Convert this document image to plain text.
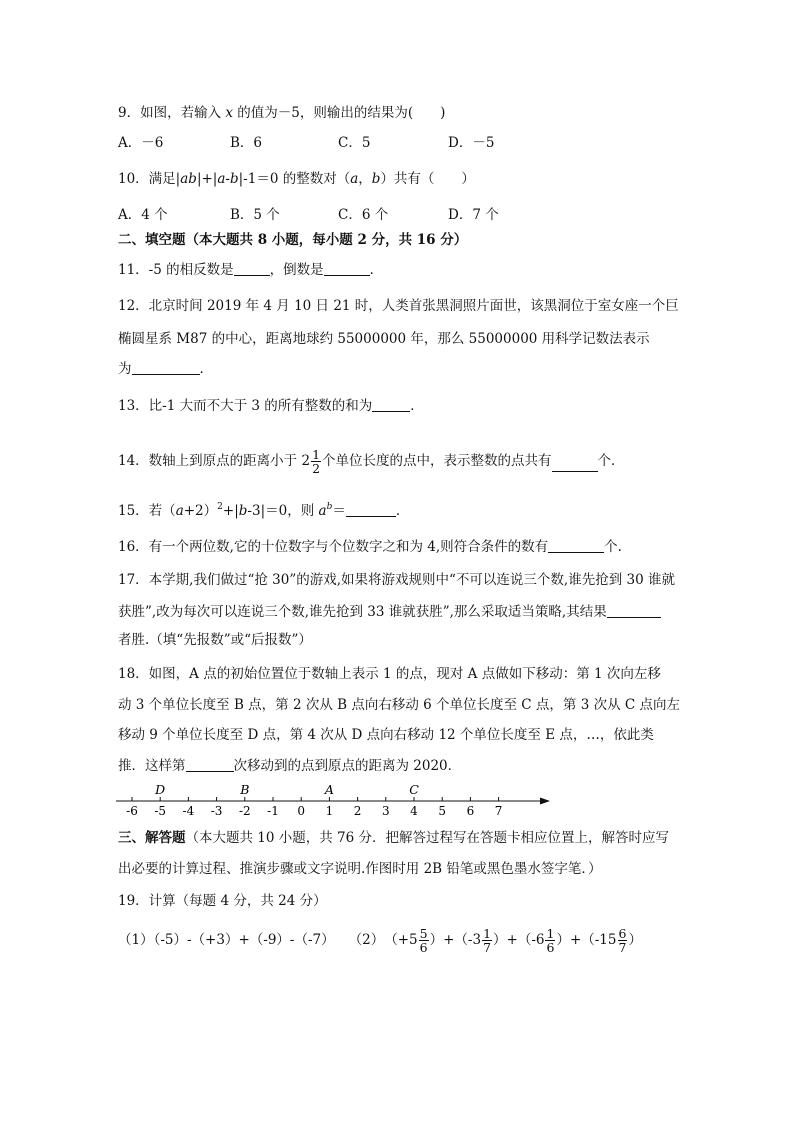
9．如图，若输入 x 的值为－5，则输出的结果为(　　)
A．－6	B．6	C．5	D．－5
10．满足|ab|+|a-b|-1＝0 的整数对（a，b）共有（　　）
A．4 个	B．5 个	C．6 个	D．7 个
二、填空题（本大题共 8 小题，每小题 2 分，共 16 分）
11．-5 的相反数是	，倒数是	．
12．北京时间 2019 年 4 月 10 日 21 时，人类首张黑洞照片面世，该黑洞位于室女座一个巨
椭圆星系 M87 的中心，距离地球约 55000000 年，那么 55000000 用科学记数法表示
为	．
13．比-1 大而不大于 3 的所有整数的和为	．
14．数轴上到原点的距离小于 $2 \frac{1}{2}$ 个单位长度的点中，表示整数的点共有	个．
15．若$(a+2)^2+|b-3|=0$，则 $a^b=$	．
16．有一个两位数,它的十位数字与个位数字之和为 4,则符合条件的数有	个.
17．本学期,我们做过“抢 30”的游戏,如果将游戏规则中“不可以连说三个数,谁先抢到 30 谁就
获胜”,改为每次可以连说三个数,谁先抢到 33 谁就获胜”,那么采取适当策略,其结果
者胜.（填“先报数”或“后报数”）
18．如图，A 点的初始位置位于数轴上表示 1 的点，现对 A 点做如下移动：第 1 次向左移
动 3 个单位长度至 B 点，第 2 次从 B 点向右移动 6 个单位长度至 C 点，第 3 次从 C 点向左
移动 9 个单位长度至 D 点，第 4 次从 D 点向右移动 12 个单位长度至 E 点，…，依此类
推．这样第	次移动到的点到原点的距离为 2020．
-6 -5 -4 -3 -2 -1 0 1 2 3 4 5 6 7
D	B	A	C
三、解答题（本大题共 10 小题，共 76 分．把解答过程写在答题卡相应位置上，解答时应写
出必要的计算过程、推演步骤或文字说明.作图时用 2B 铅笔或黑色墨水签字笔．）
19．计算（每题 4 分，共 24 分）
（1）（-5）-（+3）+（-9）-（-7） （2） （$+5 \frac{5}{6}$ ） $+(-3 \frac{1}{7}$ ） $+(-6 \frac{1}{6}$ ） $+(-15 \frac{6}{7}$ ）
